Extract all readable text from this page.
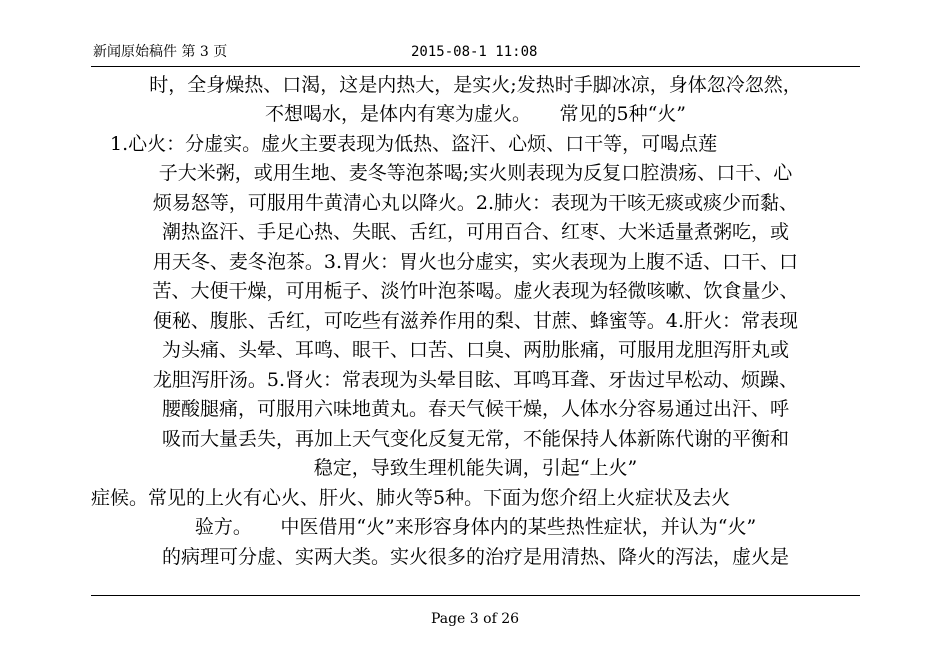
新闻原始稿件 第 3 页	2015-08-1 11:08
时，全身燥热、口渴，这是内热大，是实火;发热时手脚冰凉，身体忽冷忽然，
不想喝水，是体内有寒为虚火。　　常见的5种“火”
　1.心火：分虚实。虚火主要表现为低热、盗汗、心烦、口干等，可喝点莲
子大米粥，或用生地、麦冬等泡茶喝;实火则表现为反复口腔溃疡、口干、心
烦易怒等，可服用牛黄清心丸以降火。2.肺火：表现为干咳无痰或痰少而黏、
潮热盗汗、手足心热、失眠、舌红，可用百合、红枣、大米适量煮粥吃，或
用天冬、麦冬泡茶。3.胃火：胃火也分虚实，实火表现为上腹不适、口干、口
苦、大便干燥，可用栀子、淡竹叶泡茶喝。虚火表现为轻微咳嗽、饮食量少、
便秘、腹胀、舌红，可吃些有滋养作用的梨、甘蔗、蜂蜜等。4.肝火：常表现
为头痛、头晕、耳鸣、眼干、口苦、口臭、两肋胀痛，可服用龙胆泻肝丸或
龙胆泻肝汤。5.肾火：常表现为头晕目眩、耳鸣耳聋、牙齿过早松动、烦躁、
腰酸腿痛，可服用六味地黄丸。春天气候干燥，人体水分容易通过出汗、呼
吸而大量丢失，再加上天气变化反复无常，不能保持人体新陈代谢的平衡和
稳定，导致生理机能失调，引起“上火”
症候。常见的上火有心火、肝火、肺火等5种。下面为您介绍上火症状及去火
验方。　　中医借用“火”来形容身体内的某些热性症状，并认为“火”
的病理可分虚、实两大类。实火很多的治疗是用清热、降火的泻法，虚火是
Page 3 of 26
